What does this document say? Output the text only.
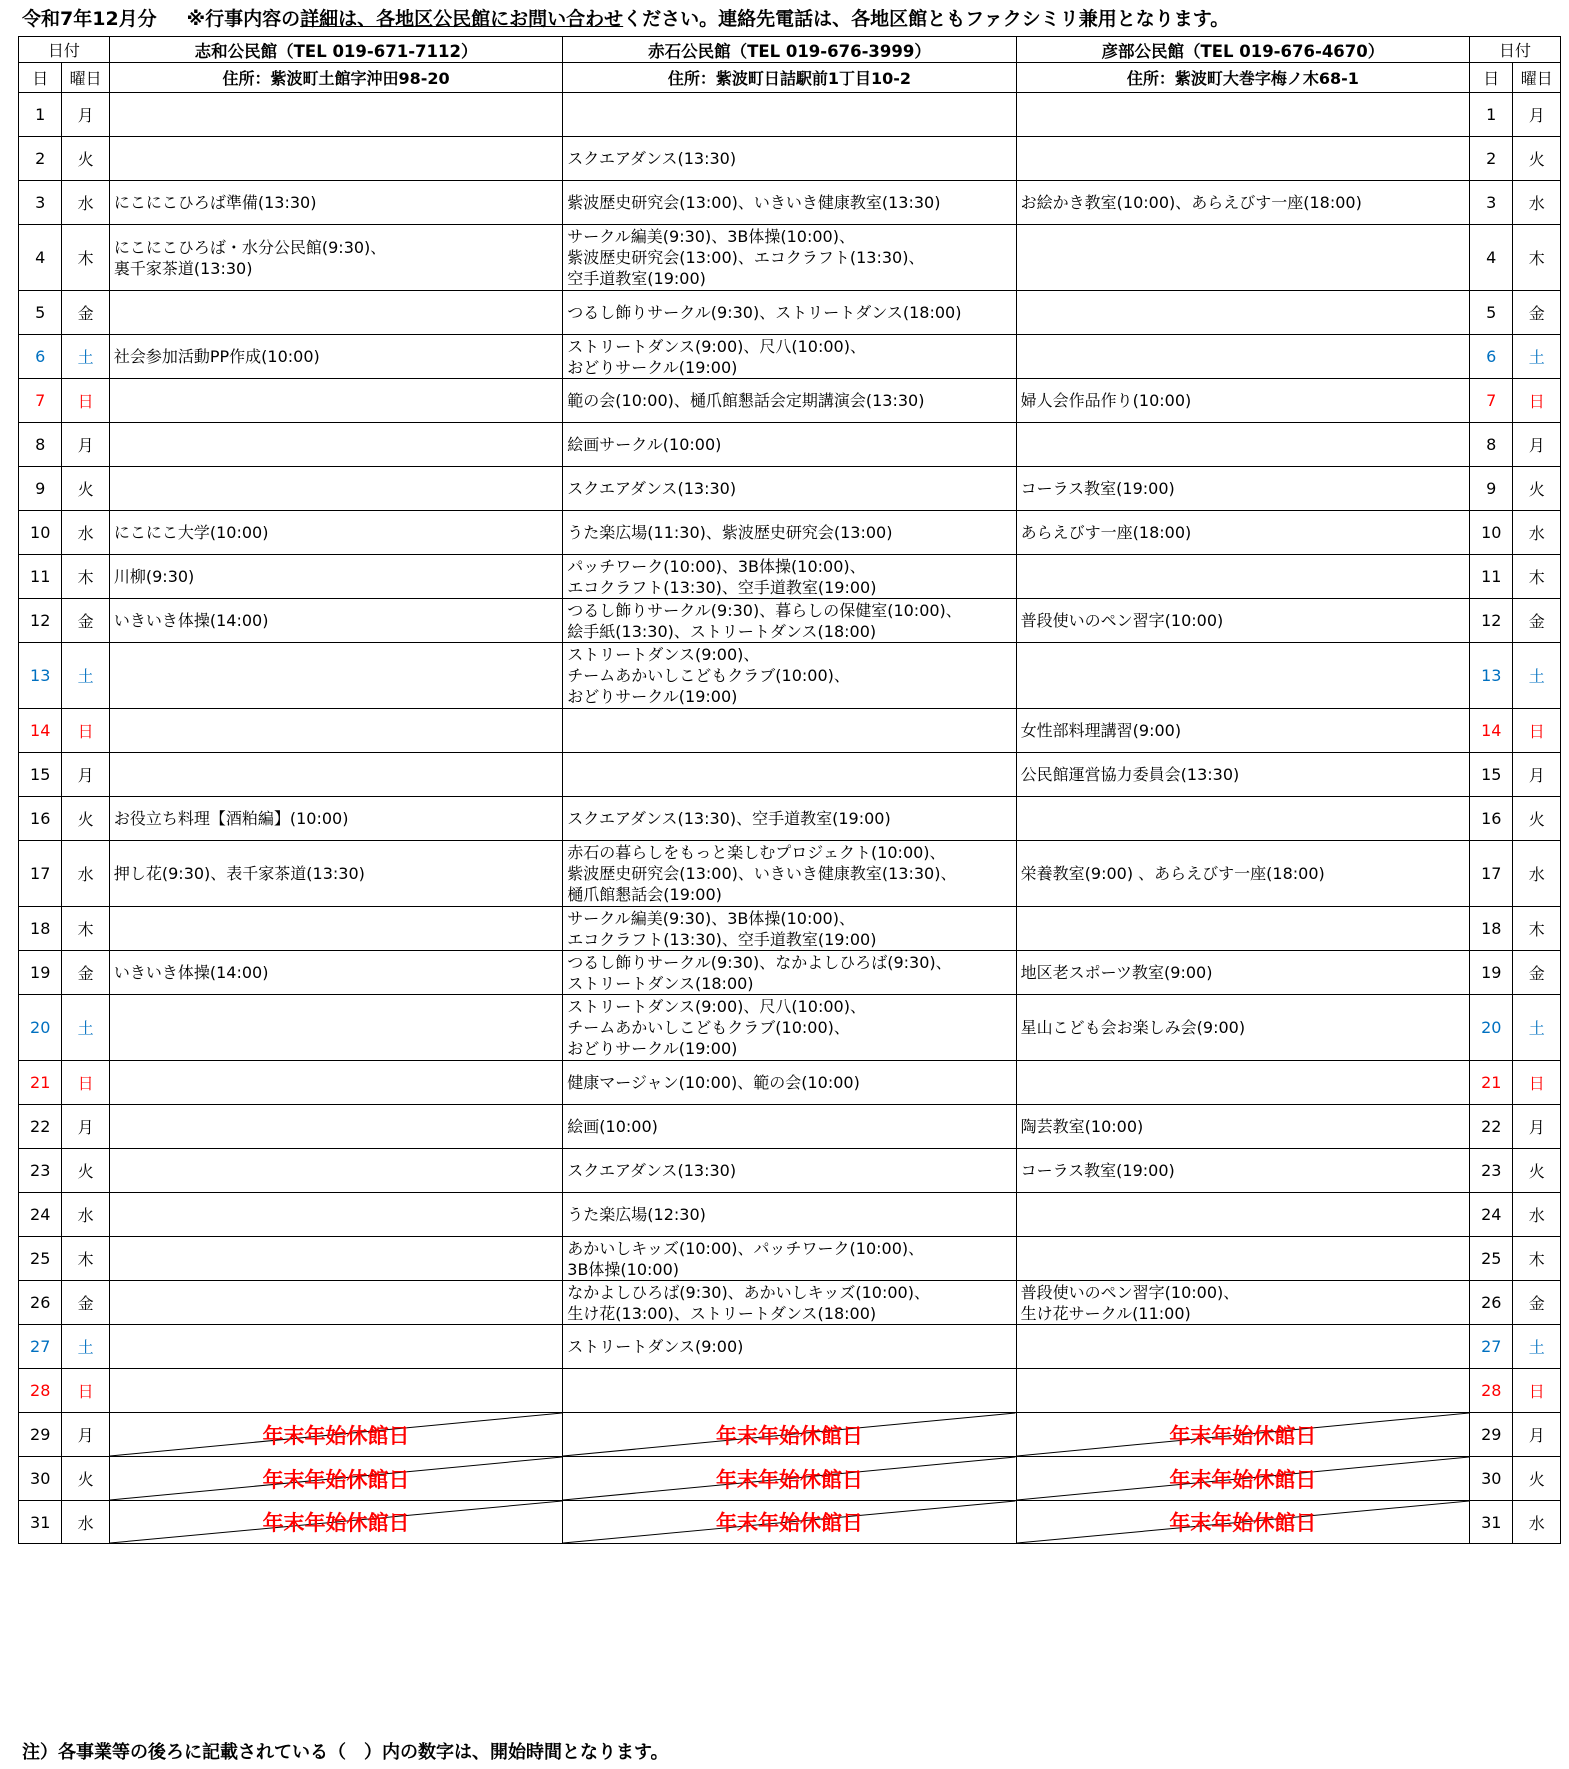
令和7年12月分 ※行事内容の詳細は、各地区公民館にお問い合わせください。連絡先電話は、各地区館ともファクシミリ兼用となります。
日付		志和公民館（TEL 019-671-7112）	赤石公民館（TEL 019-676-3999）	彦部公民館（TEL 019-676-4670）	日付	
日	曜日	住所：紫波町土館字沖田98-20	住所：紫波町日詰駅前1丁目10-2	住所：紫波町大巻字梅ノ木68-1	日	曜日
1	月				1	月
2	火		スクエアダンス(13:30)		2	火
3	水	にこにこひろば準備(13:30)	紫波歴史研究会(13:00)、いきいき健康教室(13:30)	お絵かき教室(10:00)、あらえびす一座(18:00)	3	水
4	木	にこにこひろば・水分公民館(9:30)、
裏千家茶道(13:30)	サークル編美(9:30)、3B体操(10:00)、
紫波歴史研究会(13:00)、エコクラフト(13:30)、
空手道教室(19:00)		4	木
5	金		つるし飾りサークル(9:30)、ストリートダンス(18:00)		5	金
6	土	社会参加活動PP作成(10:00)	ストリートダンス(9:00)、尺八(10:00)、
おどりサークル(19:00)		6	土
7	日		範の会(10:00)、樋爪館懇話会定期講演会(13:30)	婦人会作品作り(10:00)	7	日
8	月		絵画サークル(10:00)		8	月
9	火		スクエアダンス(13:30)	コーラス教室(19:00)	9	火
10	水	にこにこ大学(10:00)	うた楽広場(11:30)、紫波歴史研究会(13:00)	あらえびす一座(18:00)	10	水
11	木	川柳(9:30)	パッチワーク(10:00)、3B体操(10:00)、
エコクラフト(13:30)、空手道教室(19:00)		11	木
12	金	いきいき体操(14:00)	つるし飾りサークル(9:30)、暮らしの保健室(10:00)、
絵手紙(13:30)、ストリートダンス(18:00)	普段使いのペン習字(10:00)	12	金
13	土		ストリートダンス(9:00)、
チームあかいしこどもクラブ(10:00)、
おどりサークル(19:00)		13	土
14	日			女性部料理講習(9:00)	14	日
15	月			公民館運営協力委員会(13:30)	15	月
16	火	お役立ち料理【酒粕編】(10:00)	スクエアダンス(13:30)、空手道教室(19:00)		16	火
17	水	押し花(9:30)、表千家茶道(13:30)	赤石の暮らしをもっと楽しむプロジェクト(10:00)、
紫波歴史研究会(13:00)、いきいき健康教室(13:30)、
樋爪館懇話会(19:00)	栄養教室(9:00) 、あらえびす一座(18:00)	17	水
18	木		サークル編美(9:30)、3B体操(10:00)、
エコクラフト(13:30)、空手道教室(19:00)		18	木
19	金	いきいき体操(14:00)	つるし飾りサークル(9:30)、なかよしひろば(9:30)、
ストリートダンス(18:00)	地区老スポーツ教室(9:00)	19	金
20	土		ストリートダンス(9:00)、尺八(10:00)、
チームあかいしこどもクラブ(10:00)、
おどりサークル(19:00)	星山こども会お楽しみ会(9:00)	20	土
21	日		健康マージャン(10:00)、範の会(10:00)		21	日
22	月		絵画(10:00)	陶芸教室(10:00)	22	月
23	火		スクエアダンス(13:30)	コーラス教室(19:00)	23	火
24	水		うた楽広場(12:30)		24	水
25	木		あかいしキッズ(10:00)、パッチワーク(10:00)、
3B体操(10:00)		25	木
26	金		なかよしひろば(9:30)、あかいしキッズ(10:00)、
生け花(13:00)、ストリートダンス(18:00)	普段使いのペン習字(10:00)、
生け花サークル(11:00)	26	金
27	土		ストリートダンス(9:00)		27	土
28	日				28	日
29	月	年末年始休館日	年末年始休館日	年末年始休館日	29	月
30	火	年末年始休館日	年末年始休館日	年末年始休館日	30	火
31	水	年末年始休館日	年末年始休館日	年末年始休館日	31	水
注）各事業等の後ろに記載されている（　）内の数字は、開始時間となります。
